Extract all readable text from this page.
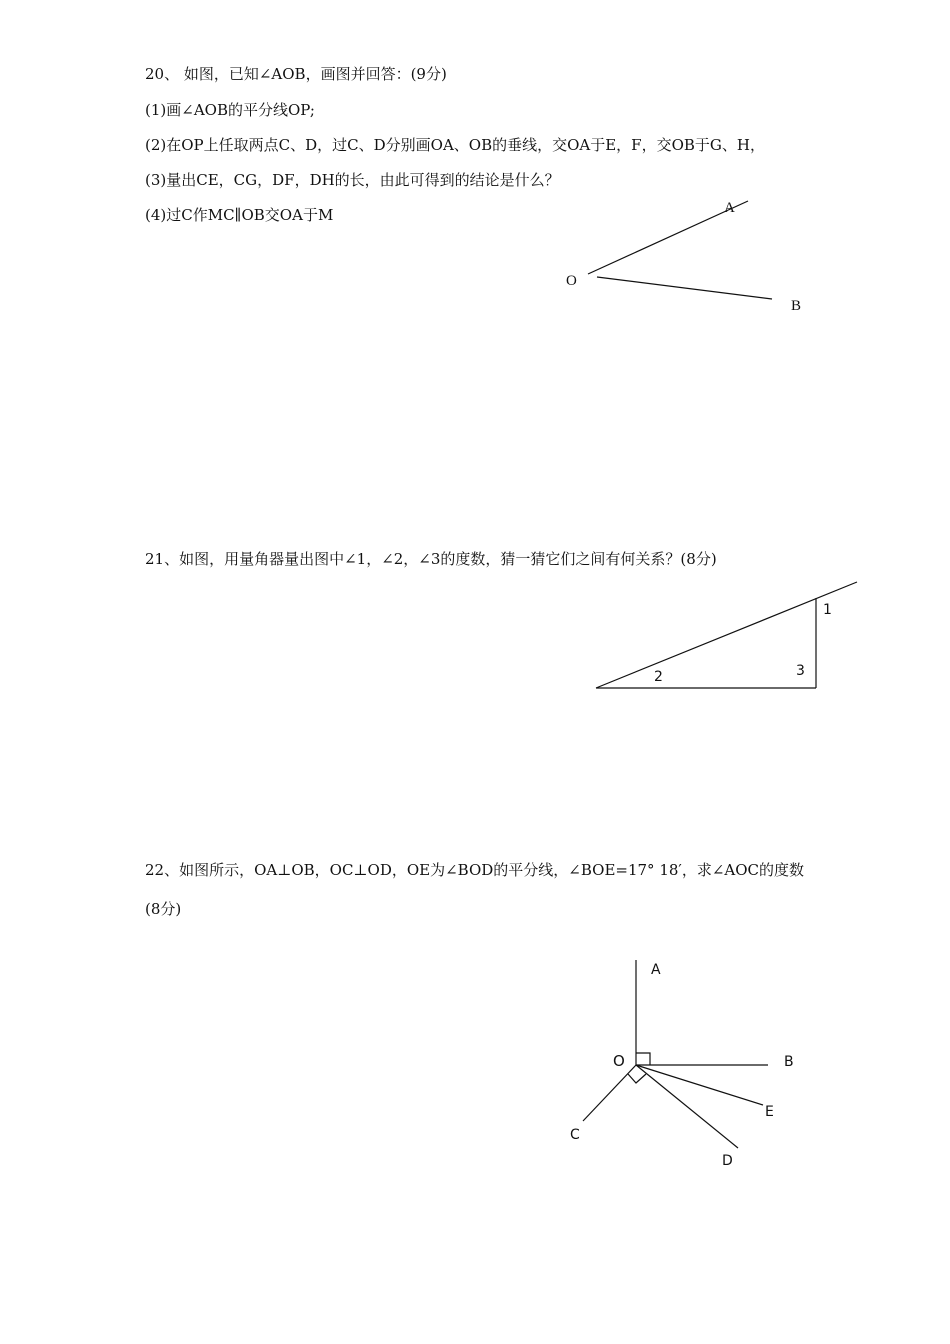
20、 如图，已知∠AOB，画图并回答：(9分)
(1)画∠AOB的平分线OP;
(2)在OP上任取两点C、D，过C、D分别画OA、OB的垂线，交OA于E，F，交OB于G、H，
(3)量出CE，CG，DF，DH的长，由此可得到的结论是什么？
(4)过C作MC∥OB交OA于M
O
A
B
21、如图，用量角器量出图中∠1，∠2，∠3的度数，猜一猜它们之间有何关系？(8分)
1
2	3
22、如图所示，OA⊥OB，OC⊥OD，OE为∠BOD的平分线，∠BOE=17° 18′，求∠AOC的度数
(8分)
A
O	B
E
C
D
